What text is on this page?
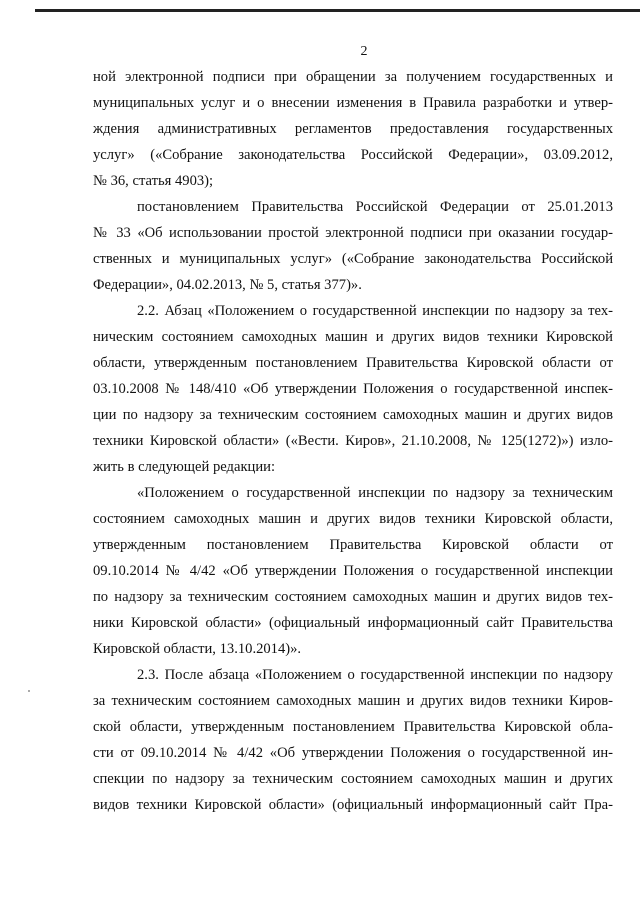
2
ной электронной подписи при обращении за получением государственных и
муниципальных услуг и о внесении изменения в Правила разработки и утвер-
ждения административных регламентов предоставления государственных
услуг» («Собрание законодательства Российской Федерации», 03.09.2012,
№ 36, статья 4903);
постановлением Правительства Российской Федерации от 25.01.2013
№ 33 «Об использовании простой электронной подписи при оказании государ-
ственных и муниципальных услуг» («Собрание законодательства Российской
Федерации», 04.02.2013, № 5, статья 377)».
2.2. Абзац «Положением о государственной инспекции по надзору за тех-
ническим состоянием самоходных машин и других видов техники Кировской
области, утвержденным постановлением Правительства Кировской области от
03.10.2008 № 148/410 «Об утверждении Положения о государственной инспек-
ции по надзору за техническим состоянием самоходных машин и других видов
техники Кировской области» («Вести. Киров», 21.10.2008, № 125(1272)») изло-
жить в следующей редакции:
«Положением о государственной инспекции по надзору за техническим
состоянием самоходных машин и других видов техники Кировской области,
утвержденным постановлением Правительства Кировской области от
09.10.2014 № 4/42 «Об утверждении Положения о государственной инспекции
по надзору за техническим состоянием самоходных машин и других видов тех-
ники Кировской области» (официальный информационный сайт Правительства
Кировской области, 13.10.2014)».
2.3. После абзаца «Положением о государственной инспекции по надзору
за техническим состоянием самоходных машин и других видов техники Киров-
ской области, утвержденным постановлением Правительства Кировской обла-
сти от 09.10.2014 № 4/42 «Об утверждении Положения о государственной ин-
спекции по надзору за техническим состоянием самоходных машин и других
видов техники Кировской области» (официальный информационный сайт Пра-
